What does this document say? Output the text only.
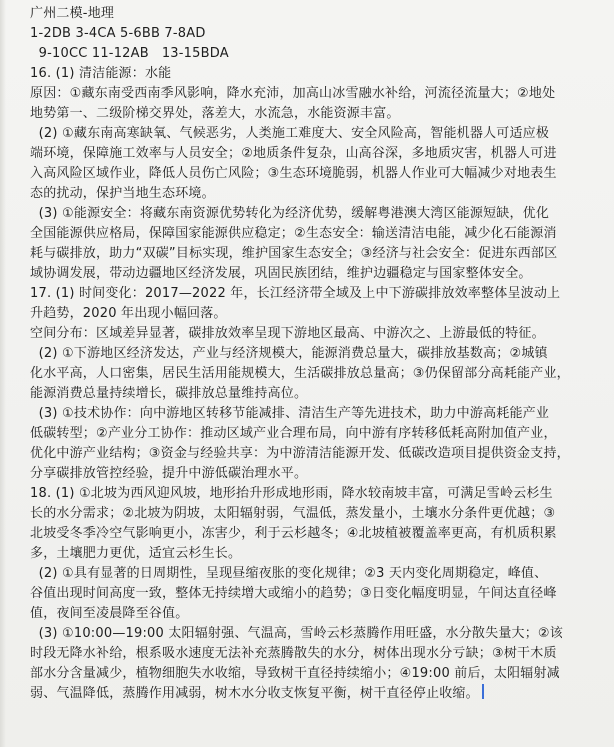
广州二模-地理
1-2DB 3-4CA 5-6BB 7-8AD
9-10CC 11-12AB   13-15BDA
16. (1) 清洁能源：水能
原因：①藏东南受西南季风影响，降水充沛，加高山冰雪融水补给，河流径流量大；②地处
地势第一、二级阶梯交界处，落差大，水流急，水能资源丰富。
(2) ①藏东南高寒缺氧、气候恶劣，人类施工难度大、安全风险高，智能机器人可适应极
端环境，保障施工效率与人员安全；②地质条件复杂，山高谷深，多地质灾害，机器人可进
入高风险区域作业，降低人员伤亡风险；③生态环境脆弱，机器人作业可大幅减少对地表生
态的扰动，保护当地生态环境。
(3) ①能源安全：将藏东南资源优势转化为经济优势，缓解粤港澳大湾区能源短缺，优化
全国能源供应格局，保障国家能源供应稳定；②生态安全：输送清洁电能，减少化石能源消
耗与碳排放，助力“双碳”目标实现，维护国家生态安全；③经济与社会安全：促进东西部区
域协调发展，带动边疆地区经济发展，巩固民族团结，维护边疆稳定与国家整体安全。
17. (1) 时间变化：2017—2022 年，长江经济带全域及上中下游碳排放效率整体呈波动上
升趋势，2020 年出现小幅回落。
空间分布：区域差异显著，碳排放效率呈现下游地区最高、中游次之、上游最低的特征。
(2) ①下游地区经济发达，产业与经济规模大，能源消费总量大，碳排放基数高；②城镇
化水平高，人口密集，居民生活用能规模大，生活碳排放总量高；③仍保留部分高耗能产业，
能源消费总量持续增长，碳排放总量维持高位。
(3) ①技术协作：向中游地区转移节能减排、清洁生产等先进技术，助力中游高耗能产业
低碳转型；②产业分工协作：推动区域产业合理布局，向中游有序转移低耗高附加值产业，
优化中游产业结构；③资金与经验共享：为中游清洁能源开发、低碳改造项目提供资金支持，
分享碳排放管控经验，提升中游低碳治理水平。
18. (1) ①北坡为西风迎风坡，地形抬升形成地形雨，降水较南坡丰富，可满足雪岭云杉生
长的水分需求；②北坡为阴坡，太阳辐射弱，气温低，蒸发量小，土壤水分条件更优越；③
北坡受冬季冷空气影响更小，冻害少，利于云杉越冬；④北坡植被覆盖率更高，有机质积累
多，土壤肥力更优，适宜云杉生长。
(2) ①具有显著的日周期性，呈现昼缩夜胀的变化规律；②3 天内变化周期稳定，峰值、
谷值出现时间高度一致，整体无持续增大或缩小的趋势；③日变化幅度明显，午间达直径峰
值，夜间至凌晨降至谷值。
(3) ①10:00—19:00 太阳辐射强、气温高，雪岭云杉蒸腾作用旺盛，水分散失量大；②该
时段无降水补给，根系吸水速度无法补充蒸腾散失的水分，树体出现水分亏缺；③树干木质
部水分含量减少，植物细胞失水收缩，导致树干直径持续缩小；④19:00 前后，太阳辐射减
弱、气温降低，蒸腾作用减弱，树木水分收支恢复平衡，树干直径停止收缩。
